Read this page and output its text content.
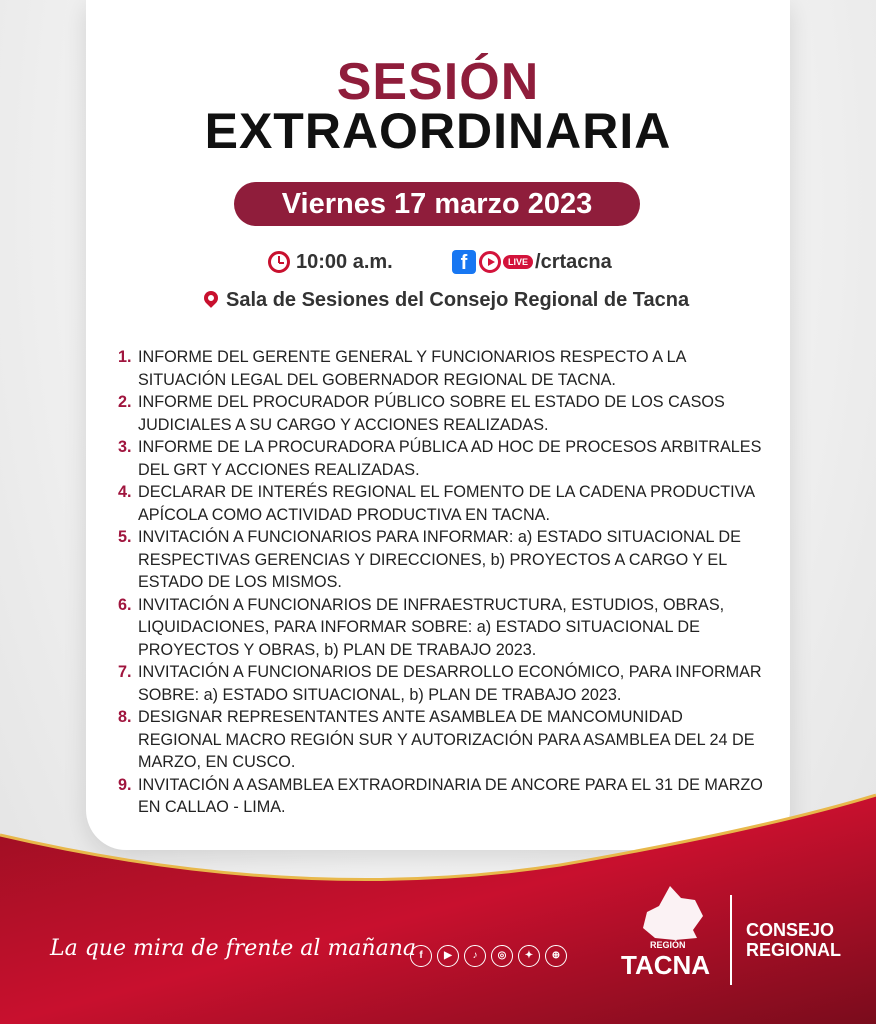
SESIÓN
EXTRAORDINARIA
Viernes 17 marzo 2023
10:00 a.m.	f	LIVE /crtacna
Sala de Sesiones del Consejo Regional de Tacna
1. INFORME DEL GERENTE GENERAL Y FUNCIONARIOS RESPECTO A LA SITUACIÓN LEGAL DEL GOBERNADOR REGIONAL DE TACNA.
2. INFORME DEL PROCURADOR PÚBLICO SOBRE EL ESTADO DE LOS CASOS JUDICIALES A SU CARGO Y ACCIONES REALIZADAS.
3. INFORME DE LA PROCURADORA PÚBLICA AD HOC DE PROCESOS ARBITRALES DEL GRT Y ACCIONES REALIZADAS.
4. DECLARAR DE INTERÉS REGIONAL EL FOMENTO DE LA CADENA PRODUCTIVA APÍCOLA COMO ACTIVIDAD PRODUCTIVA EN TACNA.
5. INVITACIÓN A FUNCIONARIOS PARA INFORMAR: a) ESTADO SITUACIONAL DE RESPECTIVAS GERENCIAS Y DIRECCIONES, b) PROYECTOS A CARGO Y EL ESTADO DE LOS MISMOS.
6. INVITACIÓN A FUNCIONARIOS DE INFRAESTRUCTURA, ESTUDIOS, OBRAS, LIQUIDACIONES, PARA INFORMAR SOBRE: a) ESTADO SITUACIONAL DE PROYECTOS Y OBRAS, b) PLAN DE TRABAJO 2023.
7. INVITACIÓN A FUNCIONARIOS DE DESARROLLO ECONÓMICO, PARA INFORMAR SOBRE: a) ESTADO SITUACIONAL, b) PLAN DE TRABAJO 2023.
8. DESIGNAR REPRESENTANTES ANTE ASAMBLEA DE MANCOMUNIDAD REGIONAL MACRO REGIÓN SUR Y AUTORIZACIÓN PARA ASAMBLEA DEL 24 DE MARZO, EN CUSCO.
9. INVITACIÓN A ASAMBLEA EXTRAORDINARIA DE ANCORE PARA EL 31 DE MARZO EN CALLAO - LIMA.
La que mira de frente al mañana f	▶	♪	◎	✦	⊕
REGIÓN
TACNA
CONSEJO
REGIONAL
